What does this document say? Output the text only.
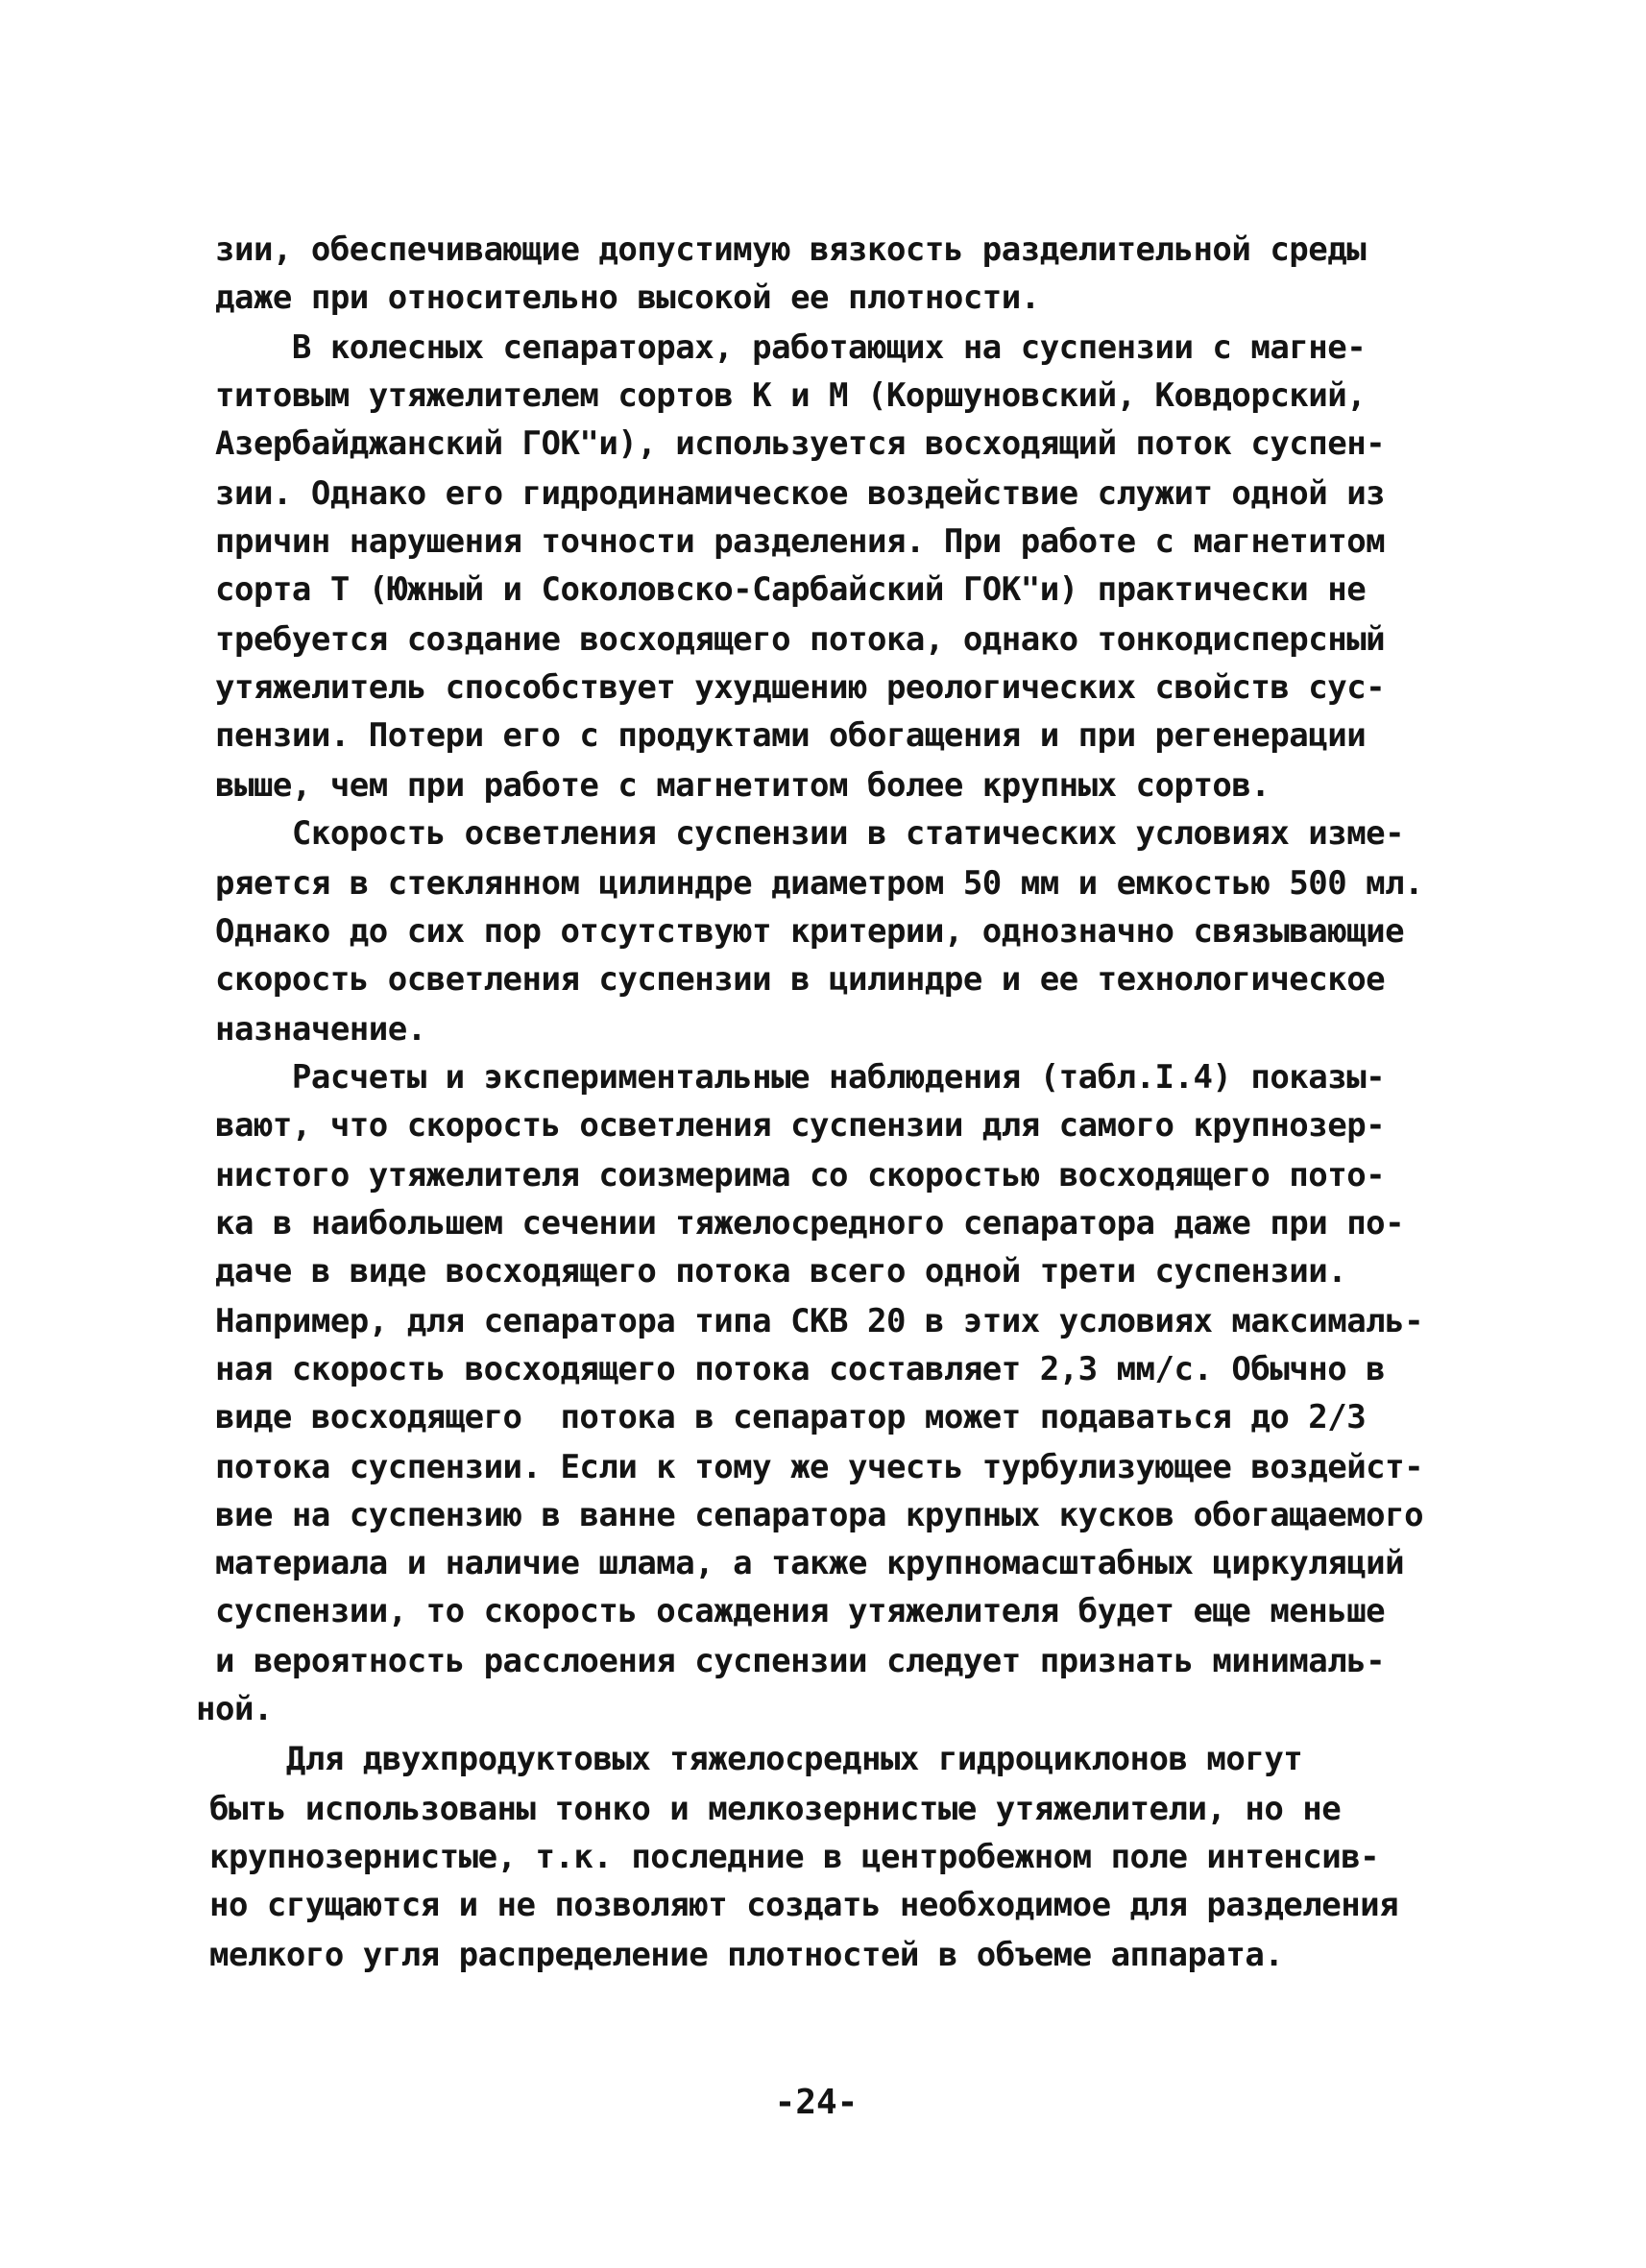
зии, обеспечивающие допустимую вязкость разделительной среды

даже при относительно высокой ее плотности.

В колесных сепараторах, работающих на суспензии с магне-

титовым утяжелителем сортов К и М (Коршуновский, Ковдорский,

Азербайджанский ГОК"и), используется восходящий поток суспен-

зии. Однако его гидродинамическое воздействие служит одной из

причин нарушения точности разделения. При работе с магнетитом

сорта Т (Южный и Соколовско-Сарбайский ГОК"и) практически не

требуется создание восходящего потока, однако тонкодисперсный

утяжелитель способствует ухудшению реологических свойств сус-

пензии. Потери его с продуктами обогащения и при регенерации

выше, чем при работе с магнетитом более крупных сортов.

Скорость осветления суспензии в статических условиях изме-

ряется в стеклянном цилиндре диаметром 50 мм и емкостью 500 мл.

Однако до сих пор отсутствуют критерии, однозначно связывающие

скорость осветления суспензии в цилиндре и ее технологическое

назначение.

Расчеты и экспериментальные наблюдения (табл.I.4) показы-

вают, что скорость осветления суспензии для самого крупнозер-

нистого утяжелителя соизмерима со скоростью восходящего пото-

ка в наибольшем сечении тяжелосредного сепаратора даже при по-

даче в виде восходящего потока всего одной трети суспензии.

Например, для сепаратора типа СКВ 20 в этих условиях максималь-

ная скорость восходящего потока составляет 2,3 мм/с. Обычно в

виде восходящего  потока в сепаратор может подаваться до 2/3

потока суспензии. Если к тому же учесть турбулизующее воздейст-

вие на суспензию в ванне сепаратора крупных кусков обогащаемого

материала и наличие шлама, а также крупномасштабных циркуляций

суспензии, то скорость осаждения утяжелителя будет еще меньше

и вероятность расслоения суспензии следует признать минималь-

ной.

Для двухпродуктовых тяжелосредных гидроциклонов могут

быть использованы тонко и мелкозернистые утяжелители, но не

крупнозернистые, т.к. последние в центробежном поле интенсив-

но сгущаются и не позволяют создать необходимое для разделения

мелкого угля распределение плотностей в объеме аппарата.

-24-
